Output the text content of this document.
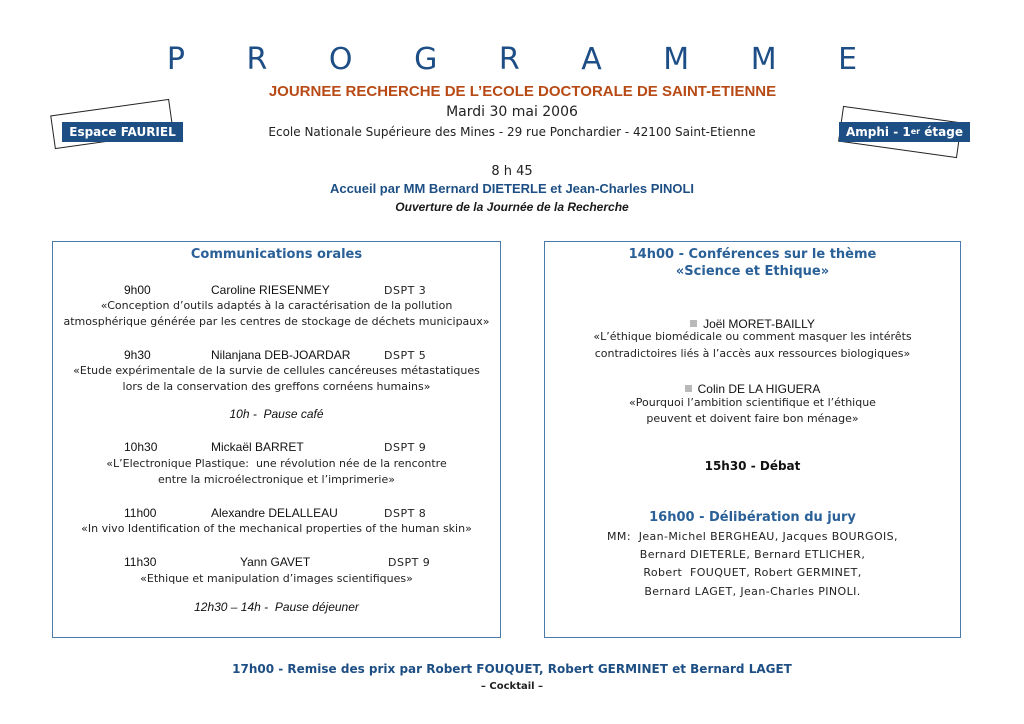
P R O G R A M M E
JOURNEE RECHERCHE DE L’ECOLE DOCTORALE DE SAINT-ETIENNE
Mardi 30 mai 2006
Ecole Nationale Supérieure des Mines - 29 rue Ponchardier - 42100 Saint-Etienne
Espace FAURIEL	Amphi - 1 er étage
8 h 45
Accueil par MM Bernard DIETERLE et Jean-Charles PINOLI
Ouverture de la Journée de la Recherche
Communications orales
9h00	Caroline RIESENMEY	DSPT 3
«Conception d’outils adaptés à la caractérisation de la pollution
atmosphérique générée par les centres de stockage de déchets municipaux»
9h30	Nilanjana DEB-JOARDAR	DSPT 5
«Etude expérimentale de la survie de cellules cancéreuses métastatiques
lors de la conservation des greffons cornéens humains»
10h -  Pause café
10h30	Mickaël BARRET	DSPT 9
«L’Electronique Plastique:  une révolution née de la rencontre
entre la microélectronique et l’imprimerie»
11h00	Alexandre DELALLEAU	DSPT 8
«In vivo Identification of the mechanical properties of the human skin»
11h30	Yann GAVET	DSPT 9
«Ethique et manipulation d’images scientifiques»
12h30 – 14h -  Pause déjeuner
14h00 - Conférences sur le thème
«Science et Ethique»
Joël MORET-BAILLY
«L’éthique biomédicale ou comment masquer les intérêts
contradictoires liés à l’accès aux ressources biologiques»
Colin DE LA HIGUERA
«Pourquoi l’ambition scientifique et l’éthique
peuvent et doivent faire bon ménage»
15h30 - Débat
16h00 - Délibération du jury
MM:  Jean-Michel BERGHEAU, Jacques BOURGOIS,
Bernard DIETERLE, Bernard ETLICHER,
Robert  FOUQUET, Robert GERMINET,
Bernard LAGET, Jean-Charles PINOLI.
17h00 - Remise des prix par Robert FOUQUET, Robert GERMINET et Bernard LAGET
– Cocktail –
